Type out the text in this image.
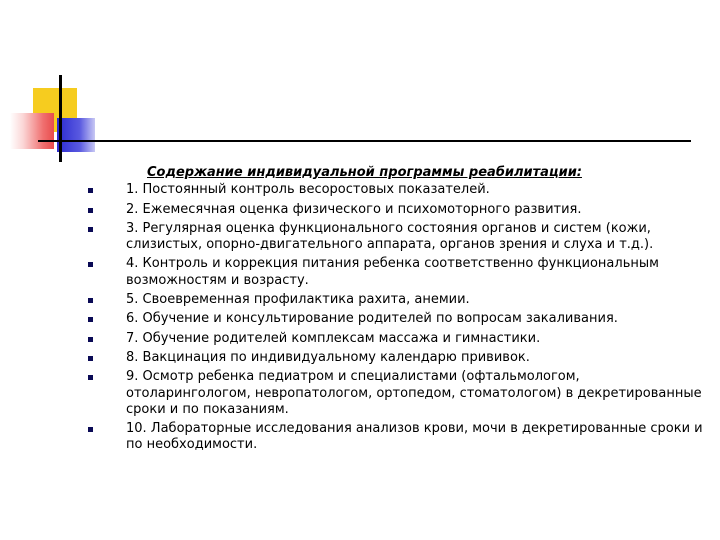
Содержание индивидуальной программы реабилитации:
1. Постоянный контроль весоростовых показателей.
2. Ежемесячная оценка физического и психомоторного развития.
3. Регулярная оценка функционального состояния органов и систем (кожи, слизистых, опорно-двигательного аппарата, органов зрения и слуха и т.д.).
4. Контроль и коррекция питания ребенка соответственно функциональным возможностям и возрасту.
5. Своевременная профилактика рахита, анемии.
6. Обучение и консультирование родителей по вопросам закаливания.
7. Обучение родителей комплексам массажа и гимнастики.
8. Вакцинация по индивидуальному календарю прививок.
9. Осмотр ребенка педиатром и специалистами (офтальмологом, отоларингологом, невропатологом, ортопедом, стоматологом) в декретированные сроки и по показаниям.
10. Лабораторные исследования анализов крови, мочи в декретированные сроки и по необходимости.
